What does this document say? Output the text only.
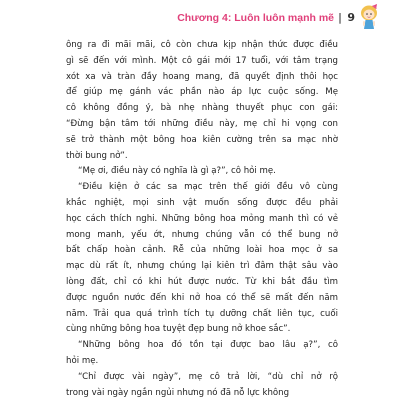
Chương 4: Luôn luôn mạnh mẽ | 9
ông ra đi mãi mãi, cô còn chưa kịp nhận thức được điều
gì sẽ đến với mình. Một cô gái mới 17 tuổi, với tâm trạng
xót xa và tràn đầy hoang mang, đã quyết định thôi học
để giúp mẹ gánh vác phần nào áp lực cuộc sống. Mẹ
cô không đồng ý, bà nhẹ nhàng thuyết phục con gái:
“Đừng bận tâm tới những điều này, mẹ chỉ hi vọng con
sẽ trở thành một bông hoa kiên cường trên sa mạc nhờ
thời bung nở”.
“Mẹ ơi, điều này có nghĩa là gì ạ?”, cô hỏi mẹ.
“Điều kiện ở các sa mạc trên thế giới đều vô cùng
khắc nghiệt, mọi sinh vật muốn sống được đều phải
học cách thích nghi. Những bông hoa mỏng manh thì có vẻ
mong manh, yếu ớt, nhưng chúng vẫn có thể bung nở
bất chấp hoàn cảnh. Rễ của những loài hoa mọc ở sa
mạc dù rất ít, nhưng chúng lại kiên trì đâm thật sâu vào
lòng đất, chỉ có khi hút được nước. Từ khi bắt đầu tìm
được nguồn nước đến khi nở hoa có thể sẽ mất đến năm
năm. Trải qua quá trình tích tụ dưỡng chất liên tục, cuối
cùng những bông hoa tuyệt đẹp bung nở khoe sắc”.
“Những bông hoa đó tồn tại được bao lâu ạ?”, cô
hỏi mẹ.
“Chỉ được vài ngày”, mẹ cô trả lời, “dù chỉ nở rộ
trong vài ngày ngắn ngủi nhưng nó đã nỗ lực không
